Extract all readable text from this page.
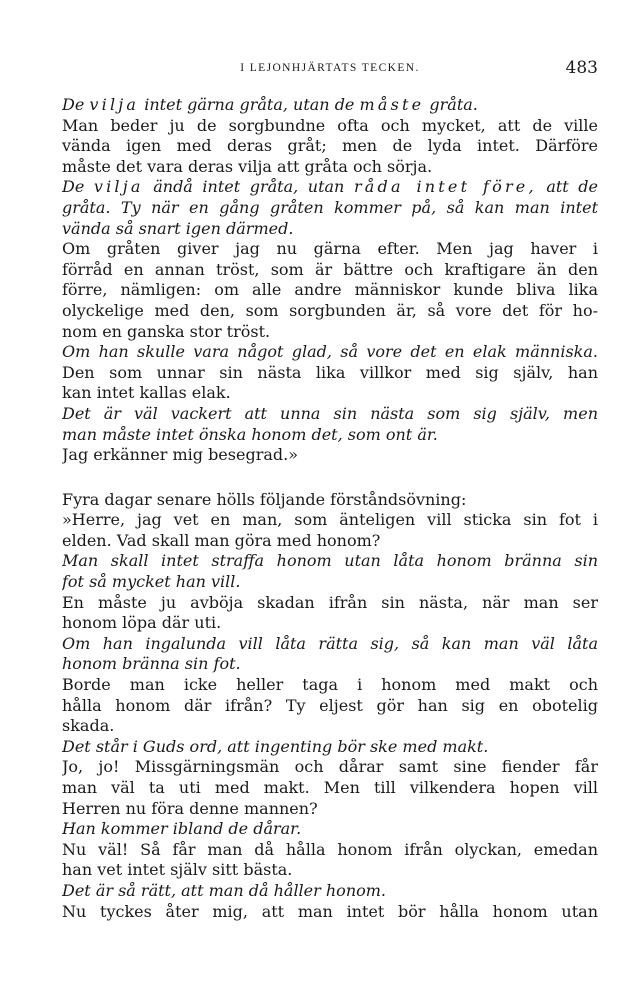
I LEJONHJÄRTATS TECKEN.	483
De vilja intet gärna gråta, utan de måste gråta.
Man beder ju de sorgbundne ofta och mycket, att de ville
vända igen med deras gråt; men de lyda intet. Därföre
måste det vara deras vilja att gråta och sörja.
De vilja ändå intet gråta, utan råda intet före, att de
gråta. Ty när en gång gråten kommer på, så kan man intet
vända så snart igen därmed.
Om gråten giver jag nu gärna efter. Men jag haver i
förråd en annan tröst, som är bättre och kraftigare än den
förre, nämligen: om alle andre människor kunde bliva lika
olyckelige med den, som sorgbunden är, så vore det för ho-
nom en ganska stor tröst.
Om han skulle vara något glad, så vore det en elak människa.
Den som unnar sin nästa lika villkor med sig själv, han
kan intet kallas elak.
Det är väl vackert att unna sin nästa som sig själv, men
man måste intet önska honom det, som ont är.
Jag erkänner mig besegrad.»
Fyra dagar senare hölls följande förståndsövning:
»Herre, jag vet en man, som änteligen vill sticka sin fot i
elden. Vad skall man göra med honom?
Man skall intet straffa honom utan låta honom bränna sin
fot så mycket han vill.
En måste ju avböja skadan ifrån sin nästa, när man ser
honom löpa där uti.
Om han ingalunda vill låta rätta sig, så kan man väl låta
honom bränna sin fot.
Borde man icke heller taga i honom med makt och
hålla honom där ifrån? Ty eljest gör han sig en obotelig
skada.
Det står i Guds ord, att ingenting bör ske med makt.
Jo, jo! Missgärningsmän och dårar samt sine fiender får
man väl ta uti med makt. Men till vilkendera hopen vill
Herren nu föra denne mannen?
Han kommer ibland de dårar.
Nu väl! Så får man då hålla honom ifrån olyckan, emedan
han vet intet själv sitt bästa.
Det är så rätt, att man då håller honom.
Nu tyckes åter mig, att man intet bör hålla honom utan
